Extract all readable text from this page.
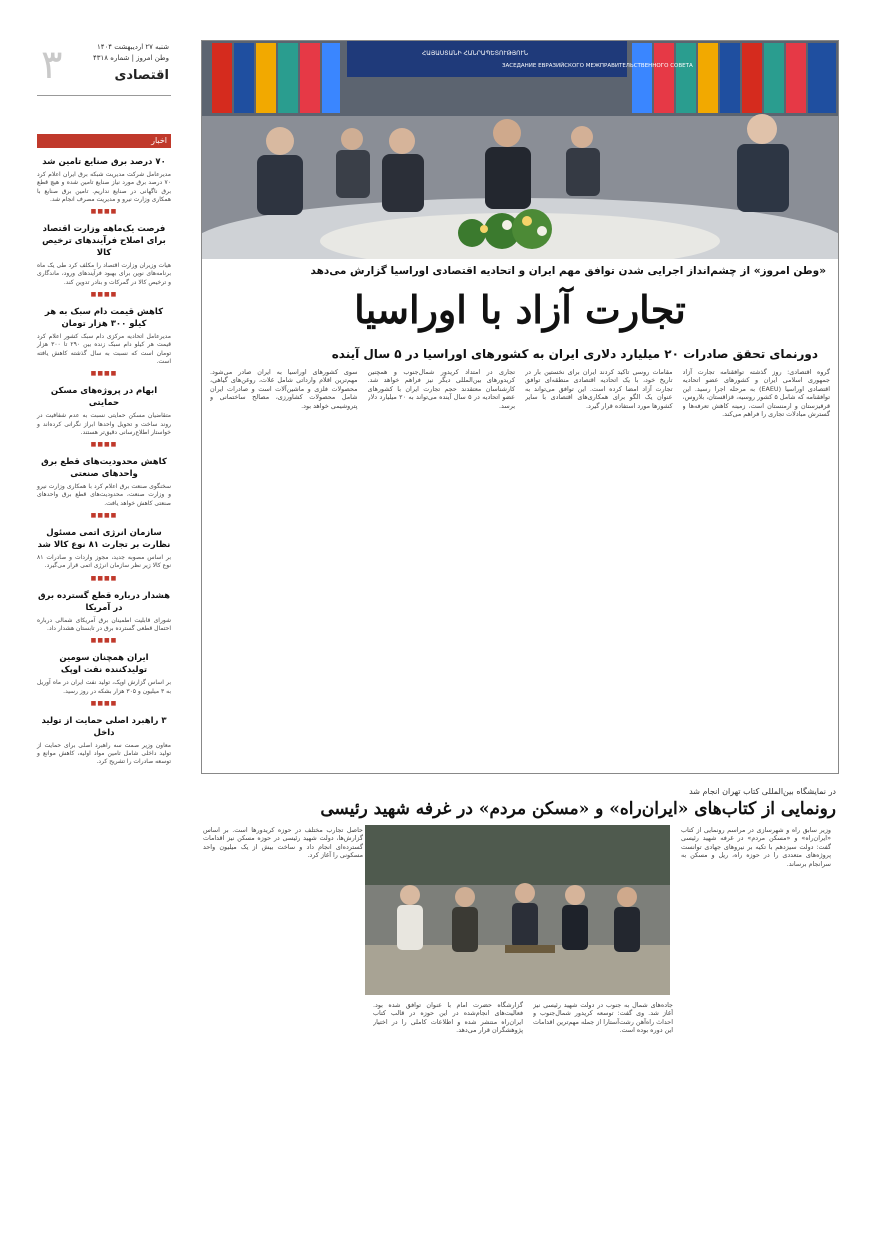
۳	شنبه ۲۷ اردیبهشت ۱۴۰۴
وطن امروز | شماره ۴۳۱۸
اقتصادی
اخبار
۷۰ درصد برق صنایع تامین شد

مدیرعامل شرکت مدیریت شبکه برق ایران اعلام کرد ۷۰ درصد برق مورد نیاز صنایع تامین شده و هیچ قطع برق ناگهانی در صنایع نداریم. تامین برق صنایع با همکاری وزارت نیرو و مدیریت مصرف انجام شد.

■■■■
فرصت یک‌ماهه وزارت اقتصاد برای اصلاح فرآیندهای ترخیص کالا

هیات وزیران وزارت اقتصاد را مکلف کرد طی یک ماه برنامه‌های نوین برای بهبود فرآیندهای ورود، ماندگاری و ترخیص کالا در گمرکات و بنادر تدوین کند.

■■■■
کاهش قیمت دام سبک به هر کیلو ۳۰۰ هزار تومان

مدیرعامل اتحادیه مرکزی دام سبک کشور اعلام کرد قیمت هر کیلو دام سبک زنده بین ۲۹۰ تا ۳۰۰ هزار تومان است که نسبت به سال گذشته کاهش یافته است.

■■■■
ابهام در پروژه‌های مسکن حمایتی

متقاضیان مسکن حمایتی نسبت به عدم شفافیت در روند ساخت و تحویل واحدها ابراز نگرانی کرده‌اند و خواستار اطلاع‌رسانی دقیق‌تر هستند.

■■■■
کاهش محدودیت‌های قطع برق واحدهای صنعتی

سخنگوی صنعت برق اعلام کرد با همکاری وزارت نیرو و وزارت صنعت، محدودیت‌های قطع برق واحدهای صنعتی کاهش خواهد یافت.

■■■■
سازمان انرژی اتمی مسئول نظارت بر تجارت ۸۱ نوع کالا شد

بر اساس مصوبه جدید، مجوز واردات و صادرات ۸۱ نوع کالا زیر نظر سازمان انرژی اتمی قرار می‌گیرد.

■■■■
هشدار درباره قطع گسترده برق در آمریکا

شورای قابلیت اطمینان برق آمریکای شمالی درباره احتمال قطعی گسترده برق در تابستان هشدار داد.

■■■■
ایران همچنان سومین تولیدکننده نفت اوپک

بر اساس گزارش اوپک، تولید نفت ایران در ماه آوریل به ۳ میلیون و ۳۰۵ هزار بشکه در روز رسید.

■■■■
۳ راهبرد اصلی حمایت از تولید داخل

معاون وزیر صمت سه راهبرد اصلی برای حمایت از تولید داخلی شامل تامین مواد اولیه، کاهش موانع و توسعه صادرات را تشریح کرد.

ՀԱՅԱՍՏԱՆԻ ՀԱՆՐԱՊԵՏՈՒԹՅՈՒՆ
ЗАСЕДАНИЕ ЕВРАЗИЙСКОГО МЕЖПРАВИТЕЛЬСТВЕННОГО СОВЕТА
«وطن امروز» از چشم‌انداز اجرایی شدن توافق مهم ایران و اتحادیه اقتصادی اوراسیا گزارش می‌دهد
تجارت آزاد با اوراسیا
دورنمای تحقق صادرات ۲۰ میلیارد دلاری ایران به کشورهای اوراسیا در ۵ سال آینده
گروه اقتصادی: روز گذشته توافقنامه تجارت آزاد جمهوری اسلامی ایران و کشورهای عضو اتحادیه اقتصادی اوراسیا (EAEU) به مرحله اجرا رسید. این توافقنامه که شامل ۵ کشور روسیه، قزاقستان، بلاروس، قرقیزستان و ارمنستان است، زمینه کاهش تعرفه‌ها و گسترش مبادلات تجاری را فراهم می‌کند.
مقامات روسی تاکید کردند ایران برای نخستین بار در تاریخ خود، با یک اتحادیه اقتصادی منطقه‌ای توافق تجارت آزاد امضا کرده است. این توافق می‌تواند به عنوان یک الگو برای همکاری‌های اقتصادی با سایر کشورها مورد استفاده قرار گیرد.
تجاری در امتداد کریدور شمال‌جنوب و همچنین کریدورهای بین‌المللی دیگر نیز فراهم خواهد شد. کارشناسان معتقدند حجم تجارت ایران با کشورهای عضو اتحادیه در ۵ سال آینده می‌تواند به ۲۰ میلیارد دلار برسد.
سوی کشورهای اوراسیا به ایران صادر می‌شود. مهم‌ترین اقلام وارداتی شامل غلات، روغن‌های گیاهی، محصولات فلزی و ماشین‌آلات است و صادرات ایران شامل محصولات کشاورزی، مصالح ساختمانی و پتروشیمی خواهد بود.
در نمایشگاه بین‌المللی کتاب تهران انجام شد
رونمایی از کتاب‌های «ایران‌راه» و «مسکن مردم» در غرفه شهید رئیسی
وزیر سابق راه و شهرسازی در مراسم رونمایی از کتاب «ایران‌راه» و «مسکن مردم» در غرفه شهید رئیسی گفت: دولت سیزدهم با تکیه بر نیروهای جهادی توانست پروژه‌های متعددی را در حوزه راه، ریل و مسکن به سرانجام برساند.
جاده‌های شمال به جنوب در دولت شهید رئیسی نیز آغاز شد. وی گفت: توسعه کریدور شمال‌جنوب و احداث راه‌آهن رشت‌آستارا از جمله مهم‌ترین اقدامات این دوره بوده است.
گزارشگاه حضرت امام با عنوان توافق شده بود. فعالیت‌های انجام‌شده در این حوزه در قالب کتاب ایران‌راه منتشر شده و اطلاعات کاملی را در اختیار پژوهشگران قرار می‌دهد.
حاصل تجارب مختلف در حوزه کریدورها است. بر اساس گزارش‌ها، دولت شهید رئیسی در حوزه مسکن نیز اقدامات گسترده‌ای انجام داد و ساخت بیش از یک میلیون واحد مسکونی را آغاز کرد.
